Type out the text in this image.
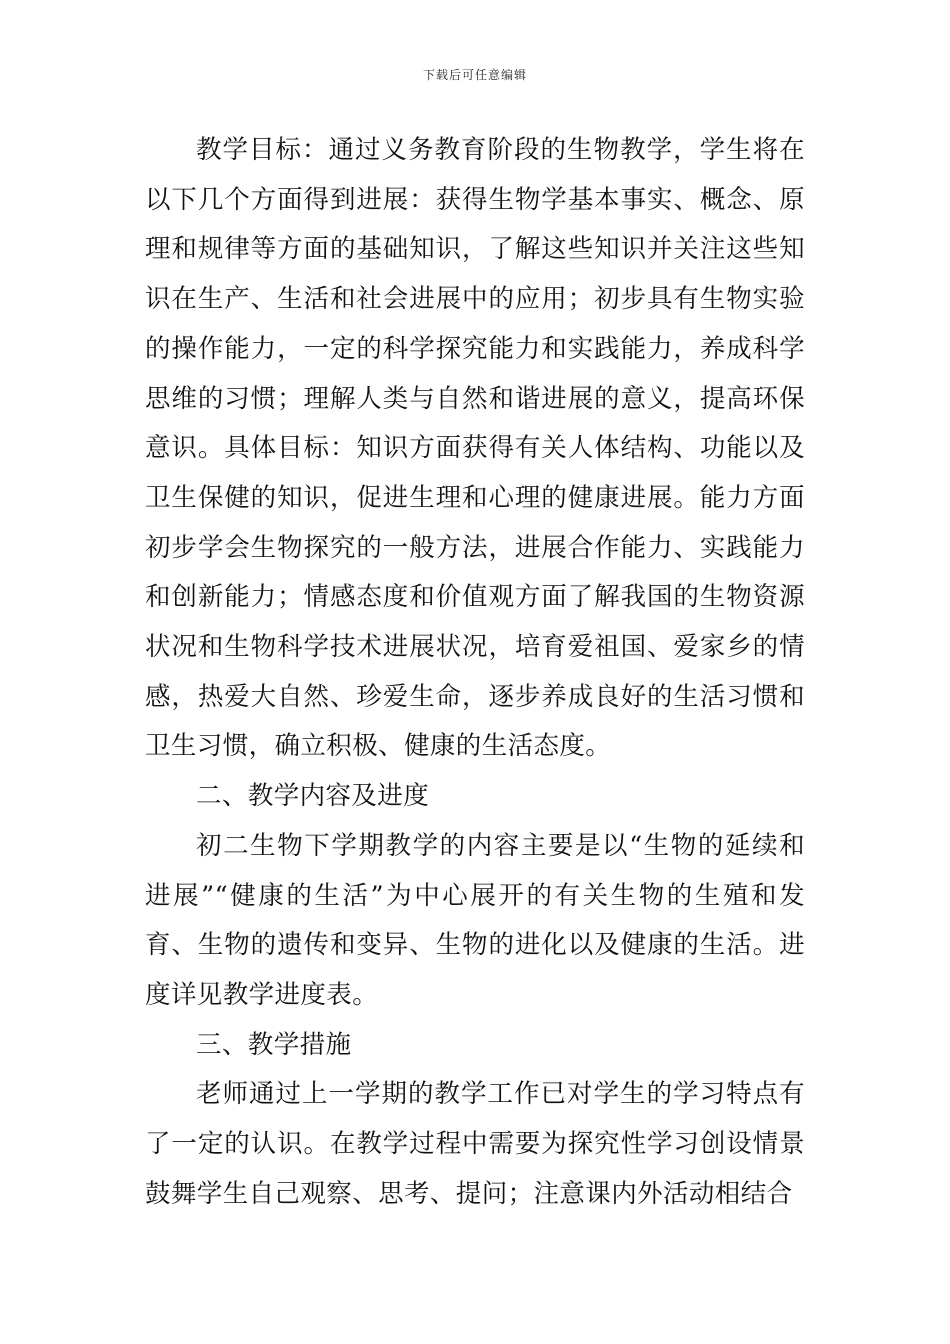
下载后可任意编辑

教学目标：通过义务教育阶段的生物教学，学生将在以下几个方面得到进展：获得生物学基本事实、概念、原理和规律等方面的基础知识，了解这些知识并关注这些知识在生产、生活和社会进展中的应用；初步具有生物实验的操作能力，一定的科学探究能力和实践能力，养成科学思维的习惯；理解人类与自然和谐进展的意义，提高环保意识。具体目标：知识方面获得有关人体结构、功能以及卫生保健的知识，促进生理和心理的健康进展。能力方面初步学会生物探究的一般方法，进展合作能力、实践能力和创新能力；情感态度和价值观方面了解我国的生物资源状况和生物科学技术进展状况，培育爱祖国、爱家乡的情感，热爱大自然、珍爱生命，逐步养成良好的生活习惯和卫生习惯，确立积极、健康的生活态度。

二、教学内容及进度

初二生物下学期教学的内容主要是以“生物的延续和进展”“健康的生活”为中心展开的有关生物的生殖和发育、生物的遗传和变异、生物的进化以及健康的生活。进度详见教学进度表。

三、教学措施

老师通过上一学期的教学工作已对学生的学习特点有了一定的认识。在教学过程中需要为探究性学习创设情景鼓舞学生自己观察、思考、提问；注意课内外活动相结合
